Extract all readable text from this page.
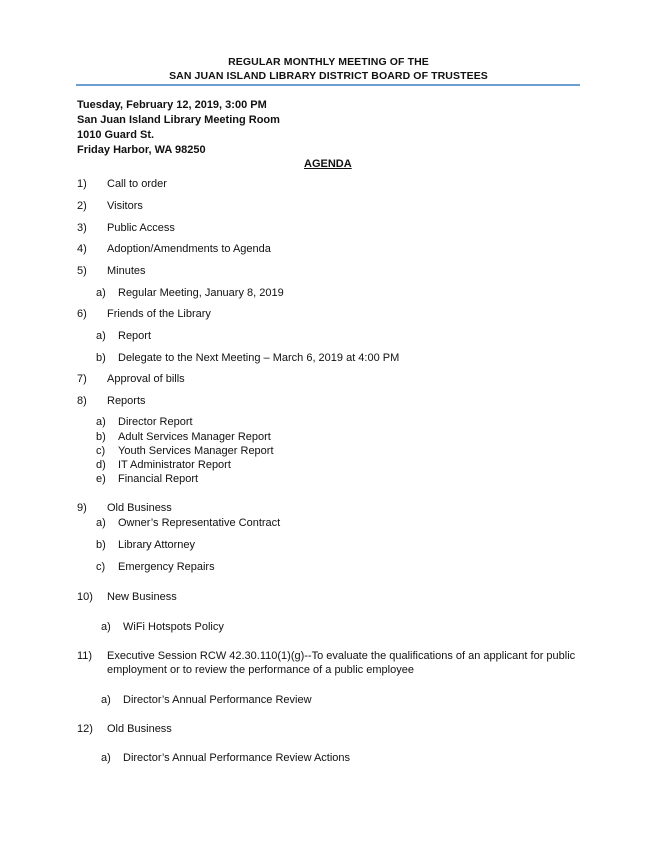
REGULAR MONTHLY MEETING OF THE
SAN JUAN ISLAND LIBRARY DISTRICT BOARD OF TRUSTEES
Tuesday, February 12, 2019, 3:00 PM
San Juan Island Library Meeting Room
1010 Guard St.
Friday Harbor, WA 98250
AGENDA
1) Call to order
2) Visitors
3) Public Access
4) Adoption/Amendments to Agenda
5) Minutes
a) Regular Meeting, January 8, 2019
6) Friends of the Library
a) Report
b) Delegate to the Next Meeting – March 6, 2019 at 4:00 PM
7) Approval of bills
8) Reports
a) Director Report
b) Adult Services Manager Report
c) Youth Services Manager Report
d) IT Administrator Report
e) Financial Report
9) Old Business
a) Owner’s Representative Contract
b) Library Attorney
c) Emergency Repairs
10) New Business
a) WiFi Hotspots Policy
11) Executive Session RCW 42.30.110(1)(g)--To evaluate the qualifications of an applicant for public
employment or to review the performance of a public employee
a) Director’s Annual Performance Review
12) Old Business
a) Director’s Annual Performance Review Actions
